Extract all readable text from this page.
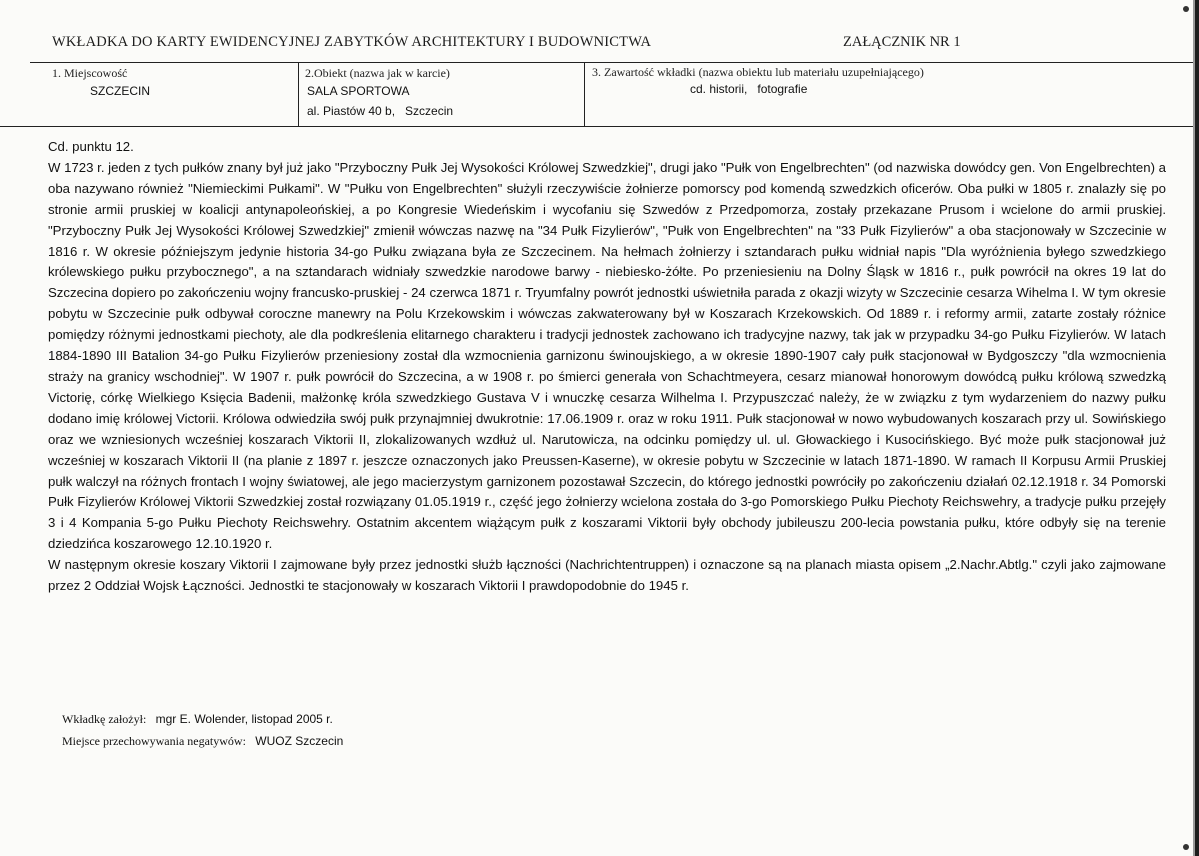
WKŁADKA DO KARTY EWIDENCYJNEJ ZABYTKÓW ARCHITEKTURY I BUDOWNICTWA	ZAŁĄCZNIK NR 1
1. Miejscowość
SZCZECIN
2.Obiekt (nazwa jak w karcie)
SALA SPORTOWA
al. Piastów 40 b,   Szczecin
3. Zawartość wkładki (nazwa obiektu lub materiału uzupełniającego)
cd. historii,   fotografie

Cd. punktu 12.

W 1723 r. jeden z tych pułków znany był już jako "Przyboczny Pułk Jej Wysokości Królowej Szwedzkiej", drugi jako "Pułk von Engelbrechten" (od nazwiska dowódcy gen. Von Engelbrechten) a oba nazywano również "Niemieckimi Pułkami". W "Pułku von Engelbrechten" służyli rzeczywiście żołnierze pomorscy pod komendą szwedzkich oficerów. Oba pułki w 1805 r. znalazły się po stronie armii pruskiej w koalicji antynapoleońskiej, a po Kongresie Wiedeńskim i wycofaniu się Szwedów z Przedpomorza, zostały przekazane Prusom i wcielone do armii pruskiej. "Przyboczny Pułk Jej Wysokości Królowej Szwedzkiej" zmienił wówczas nazwę na "34 Pułk Fizylierów", "Pułk von Engelbrechten" na "33 Pułk Fizylierów" a oba stacjonowały w Szczecinie w 1816 r. W okresie późniejszym jedynie historia 34-go Pułku związana była ze Szczecinem. Na hełmach żołnierzy i sztandarach pułku widniał napis "Dla wyróżnienia byłego szwedzkiego królewskiego pułku przybocznego", a na sztandarach widniały szwedzkie narodowe barwy - niebiesko-żółte. Po przeniesieniu na Dolny Śląsk w 1816 r., pułk powrócił na okres 19 lat do Szczecina dopiero po zakończeniu wojny francusko-pruskiej - 24 czerwca 1871 r. Tryumfalny powrót jednostki uświetniła parada z okazji wizyty w Szczecinie cesarza Wihelma I. W tym okresie pobytu w Szczecinie pułk odbywał coroczne manewry na Polu Krzekowskim i wówczas zakwaterowany był w Koszarach Krzekowskich. Od 1889 r. i reformy armii, zatarte zostały różnice pomiędzy różnymi jednostkami piechoty, ale dla podkreślenia elitarnego charakteru i tradycji jednostek zachowano ich tradycyjne nazwy, tak jak w przypadku 34-go Pułku Fizylierów. W latach 1884-1890 III Batalion 34-go Pułku Fizylierów przeniesiony został dla wzmocnienia garnizonu świnoujskiego, a w okresie 1890-1907 cały pułk stacjonował w Bydgoszczy "dla wzmocnienia straży na granicy wschodniej". W 1907 r. pułk powrócił do Szczecina, a w 1908 r. po śmierci generała von Schachtmeyera, cesarz mianował honorowym dowódcą pułku królową szwedzką Victorię, córkę Wielkiego Księcia Badenii, małżonkę króla szwedzkiego Gustava V i wnuczkę cesarza Wilhelma I. Przypuszczać należy, że w związku z tym wydarzeniem do nazwy pułku dodano imię królowej Victorii. Królowa odwiedziła swój pułk przynajmniej dwukrotnie: 17.06.1909 r. oraz w roku 1911. Pułk stacjonował w nowo wybudowanych koszarach przy ul. Sowińskiego oraz we wzniesionych wcześniej koszarach Viktorii II, zlokalizowanych wzdłuż ul. Narutowicza, na odcinku pomiędzy ul. ul. Głowackiego i Kusocińskiego. Być może pułk stacjonował już wcześniej w koszarach Viktorii II (na planie z 1897 r. jeszcze oznaczonych jako Preussen-Kaserne), w okresie pobytu w Szczecinie w latach 1871-1890. W ramach II Korpusu Armii Pruskiej pułk walczył na różnych frontach I wojny światowej, ale jego macierzystym garnizonem pozostawał Szczecin, do którego jednostki powróciły po zakończeniu działań 02.12.1918 r. 34 Pomorski Pułk Fizylierów Królowej Viktorii Szwedzkiej został rozwiązany 01.05.1919 r., część jego żołnierzy wcielona została do 3-go Pomorskiego Pułku Piechoty Reichswehry, a tradycje pułku przejęły 3 i 4 Kompania 5-go Pułku Piechoty Reichswehry. Ostatnim akcentem wiążącym pułk z koszarami Viktorii były obchody jubileuszu 200-lecia powstania pułku, które odbyły się na terenie dziedzińca koszarowego 12.10.1920 r.

W następnym okresie koszary Viktorii I zajmowane były przez jednostki służb łączności (Nachrichtentruppen) i oznaczone są na planach miasta opisem „2.Nachr.Abtlg." czyli jako zajmowane przez 2 Oddział Wojsk Łączności. Jednostki te stacjonowały w koszarach Viktorii I prawdopodobnie do 1945 r.

Wkładkę założył: mgr E. Wolender, listopad 2005 r.
Miejsce przechowywania negatywów: WUOZ Szczecin
